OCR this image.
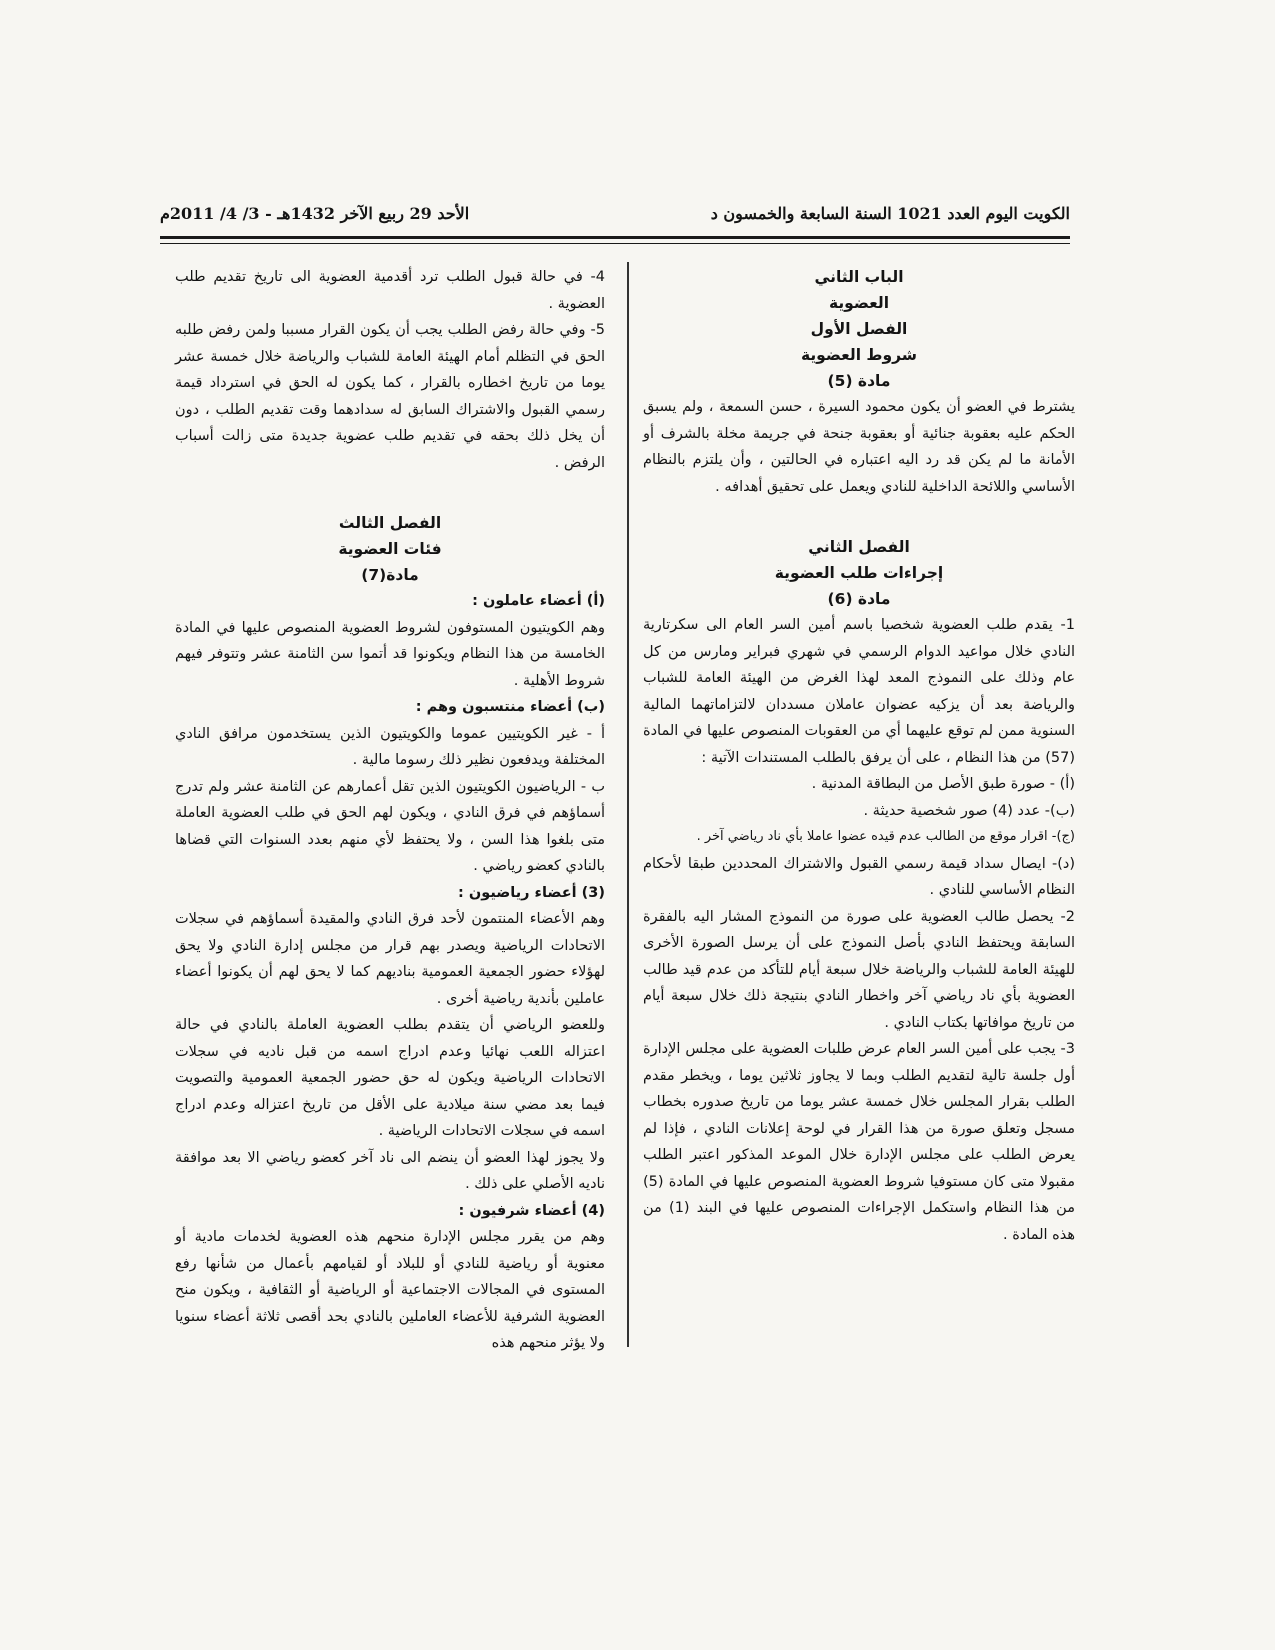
الكويت اليوم العدد 1021 السنة السابعة والخمسون د
الأحد 29 ربيع الآخر 1432هـ - 3/ 4/ 2011م
الباب الثاني
العضوية
الفصل الأول
شروط العضوية
مادة (5)

يشترط في العضو أن يكون محمود السيرة ، حسن السمعة ، ولم يسبق الحكم عليه بعقوبة جنائية أو بعقوبة جنحة في جريمة مخلة بالشرف أو الأمانة ما لم يكن قد رد اليه اعتباره في الحالتين ، وأن يلتزم بالنظام الأساسي واللائحة الداخلية للنادي ويعمل على تحقيق أهدافه .

الفصل الثاني
إجراءات طلب العضوية
مادة (6)

1- يقدم طلب العضوية شخصيا باسم أمين السر العام الى سكرتارية النادي خلال مواعيد الدوام الرسمي في شهري فبراير ومارس من كل عام وذلك على النموذج المعد لهذا الغرض من الهيئة العامة للشباب والرياضة بعد أن يزكيه عضوان عاملان مسددان لالتزاماتهما المالية السنوية ممن لم توقع عليهما أي من العقوبات المنصوص عليها في المادة (57) من هذا النظام ، على أن يرفق بالطلب المستندات الآتية :

(أ) - صورة طبق الأصل من البطاقة المدنية .

(ب)- عدد (4) صور شخصية حديثة .

(ج)- اقرار موقع من الطالب عدم قيده عضوا عاملا بأي ناد رياضي آخر .

(د)- ايصال سداد قيمة رسمي القبول والاشتراك المحددين طبقا لأحكام النظام الأساسي للنادي .

2- يحصل طالب العضوية على صورة من النموذج المشار اليه بالفقرة السابقة ويحتفظ النادي بأصل النموذج على أن يرسل الصورة الأخرى للهيئة العامة للشباب والرياضة خلال سبعة أيام للتأكد من عدم قيد طالب العضوية بأي ناد رياضي آخر واخطار النادي بنتيجة ذلك خلال سبعة أيام من تاريخ موافاتها بكتاب النادي .

3- يجب على أمين السر العام عرض طلبات العضوية على مجلس الإدارة أول جلسة تالية لتقديم الطلب وبما لا يجاوز ثلاثين يوما ، ويخطر مقدم الطلب بقرار المجلس خلال خمسة عشر يوما من تاريخ صدوره بخطاب مسجل وتعلق صورة من هذا القرار في لوحة إعلانات النادي ، فإذا لم يعرض الطلب على مجلس الإدارة خلال الموعد المذكور اعتبر الطلب مقبولا متى كان مستوفيا شروط العضوية المنصوص عليها في المادة (5) من هذا النظام واستكمل الإجراءات المنصوص عليها في البند (1) من هذه المادة .

4- في حالة قبول الطلب ترد أقدمية العضوية الى تاريخ تقديم طلب العضوية .

5- وفي حالة رفض الطلب يجب أن يكون القرار مسببا ولمن رفض طلبه الحق في التظلم أمام الهيئة العامة للشباب والرياضة خلال خمسة عشر يوما من تاريخ اخطاره بالقرار ، كما يكون له الحق في استرداد قيمة رسمي القبول والاشتراك السابق له سدادهما وقت تقديم الطلب ، دون أن يخل ذلك بحقه في تقديم طلب عضوية جديدة متى زالت أسباب الرفض .

الفصل الثالث
فئات العضوية
مادة(7)

(أ) أعضاء عاملون :

وهم الكويتيون المستوفون لشروط العضوية المنصوص عليها في المادة الخامسة من هذا النظام ويكونوا قد أتموا سن الثامنة عشر وتتوفر فيهم شروط الأهلية .

(ب) أعضاء منتسبون وهم :

أ - غير الكويتيين عموما والكويتيون الذين يستخدمون مرافق النادي المختلفة ويدفعون نظير ذلك رسوما مالية .

ب - الرياضيون الكويتيون الذين تقل أعمارهم عن الثامنة عشر ولم تدرج أسماؤهم في فرق النادي ، ويكون لهم الحق في طلب العضوية العاملة متى بلغوا هذا السن ، ولا يحتفظ لأي منهم بعدد السنوات التي قضاها بالنادي كعضو رياضي .

(3) أعضاء رياضيون :

وهم الأعضاء المنتمون لأحد فرق النادي والمقيدة أسماؤهم في سجلات الاتحادات الرياضية ويصدر بهم قرار من مجلس إدارة النادي ولا يحق لهؤلاء حضور الجمعية العمومية بناديهم كما لا يحق لهم أن يكونوا أعضاء عاملين بأندية رياضية أخرى .

وللعضو الرياضي أن يتقدم بطلب العضوية العاملة بالنادي في حالة اعتزاله اللعب نهائيا وعدم ادراج اسمه من قبل ناديه في سجلات الاتحادات الرياضية ويكون له حق حضور الجمعية العمومية والتصويت فيما بعد مضي سنة ميلادية على الأقل من تاريخ اعتزاله وعدم ادراج اسمه في سجلات الاتحادات الرياضية .

ولا يجوز لهذا العضو أن ينضم الى ناد آخر كعضو رياضي الا بعد موافقة ناديه الأصلي على ذلك .

(4) أعضاء شرفيون :

وهم من يقرر مجلس الإدارة منحهم هذه العضوية لخدمات مادية أو معنوية أو رياضية للنادي أو للبلاد أو لقيامهم بأعمال من شأنها رفع المستوى في المجالات الاجتماعية أو الرياضية أو الثقافية ، ويكون منح العضوية الشرفية للأعضاء العاملين بالنادي بحد أقصى ثلاثة أعضاء سنويا ولا يؤثر منحهم هذه
